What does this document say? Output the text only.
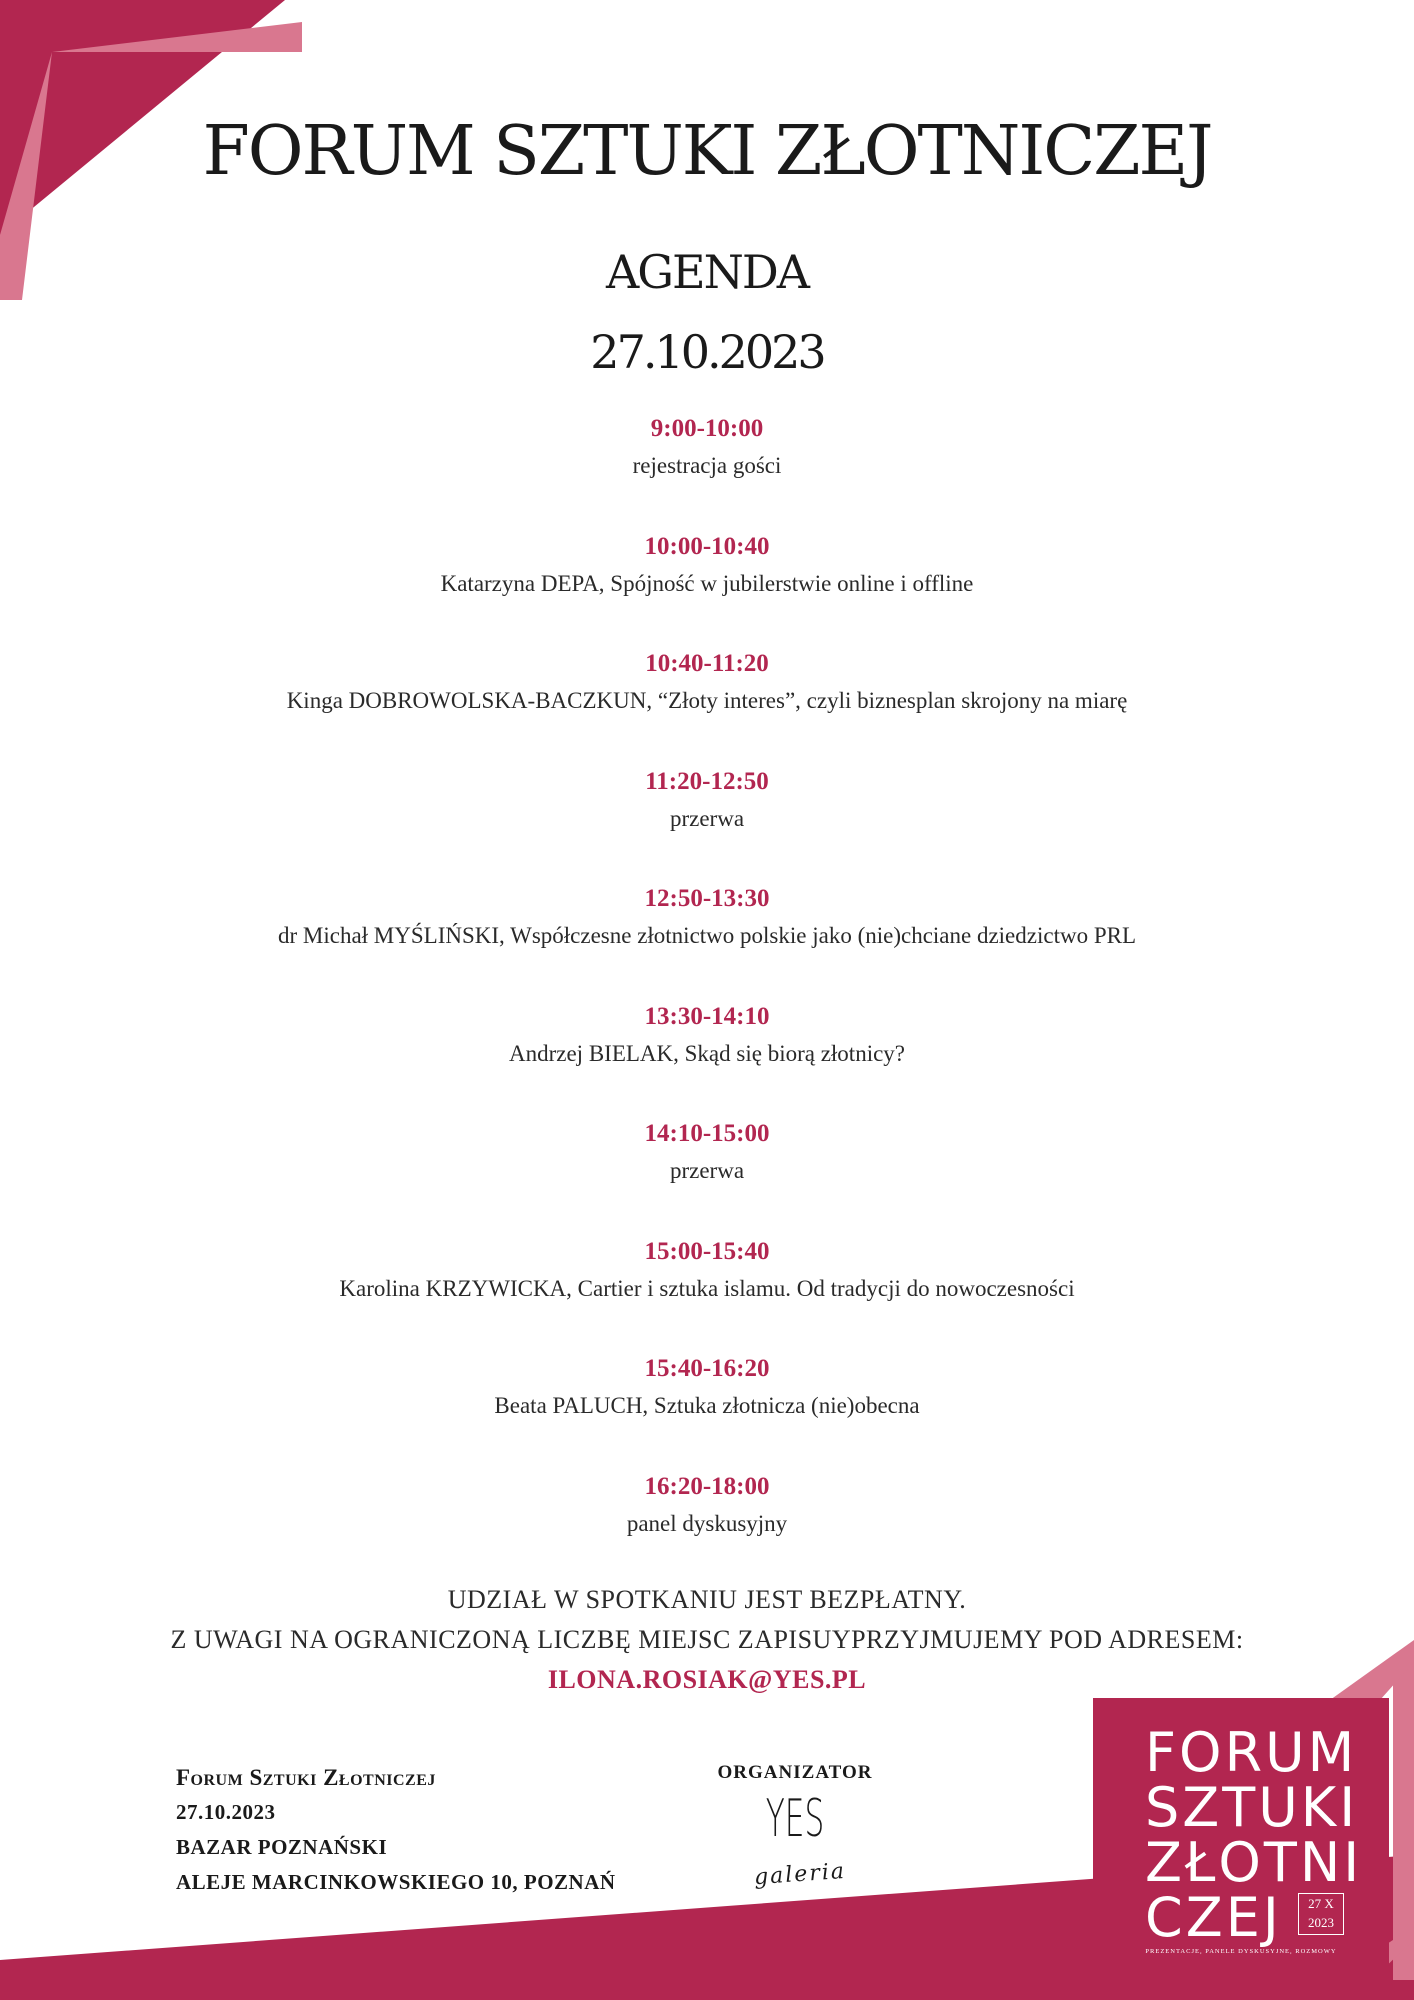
FORUM SZTUKI ZŁOTNICZEJ
AGENDA
27.10.2023
9:00-10:00
rejestracja gości
10:00-10:40
Katarzyna DEPA, Spójność w jubilerstwie online i offline
10:40-11:20
Kinga DOBROWOLSKA-BACZKUN, “Złoty interes”, czyli biznesplan skrojony na miarę
11:20-12:50
przerwa
12:50-13:30
dr Michał MYŚLIŃSKI, Współczesne złotnictwo polskie jako (nie)chciane dziedzictwo PRL
13:30-14:10
Andrzej BIELAK, Skąd się biorą złotnicy?
14:10-15:00
przerwa
15:00-15:40
Karolina KRZYWICKA, Cartier i sztuka islamu. Od tradycji do nowoczesności
15:40-16:20
Beata PALUCH, Sztuka złotnicza (nie)obecna
16:20-18:00
panel dyskusyjny
UDZIAŁ W SPOTKANIU JEST BEZPŁATNY.
Z UWAGI NA OGRANICZONĄ LICZBĘ MIEJSC ZAPISUYPRZYJMUJEMY POD ADRESEM:
ILONA.ROSIAK@YES.PL
Forum Sztuki Złotniczej
27.10.2023
BAZAR POZNAŃSKI
ALEJE MARCINKOWSKIEGO 10, POZNAŃ
ORGANIZATOR
YES
galeria
FORUM
SZTUKI
ZŁOTNI
CZEJ	27 X
2023
PREZENTACJE, PANELE DYSKUSYJNE, ROZMOWY
